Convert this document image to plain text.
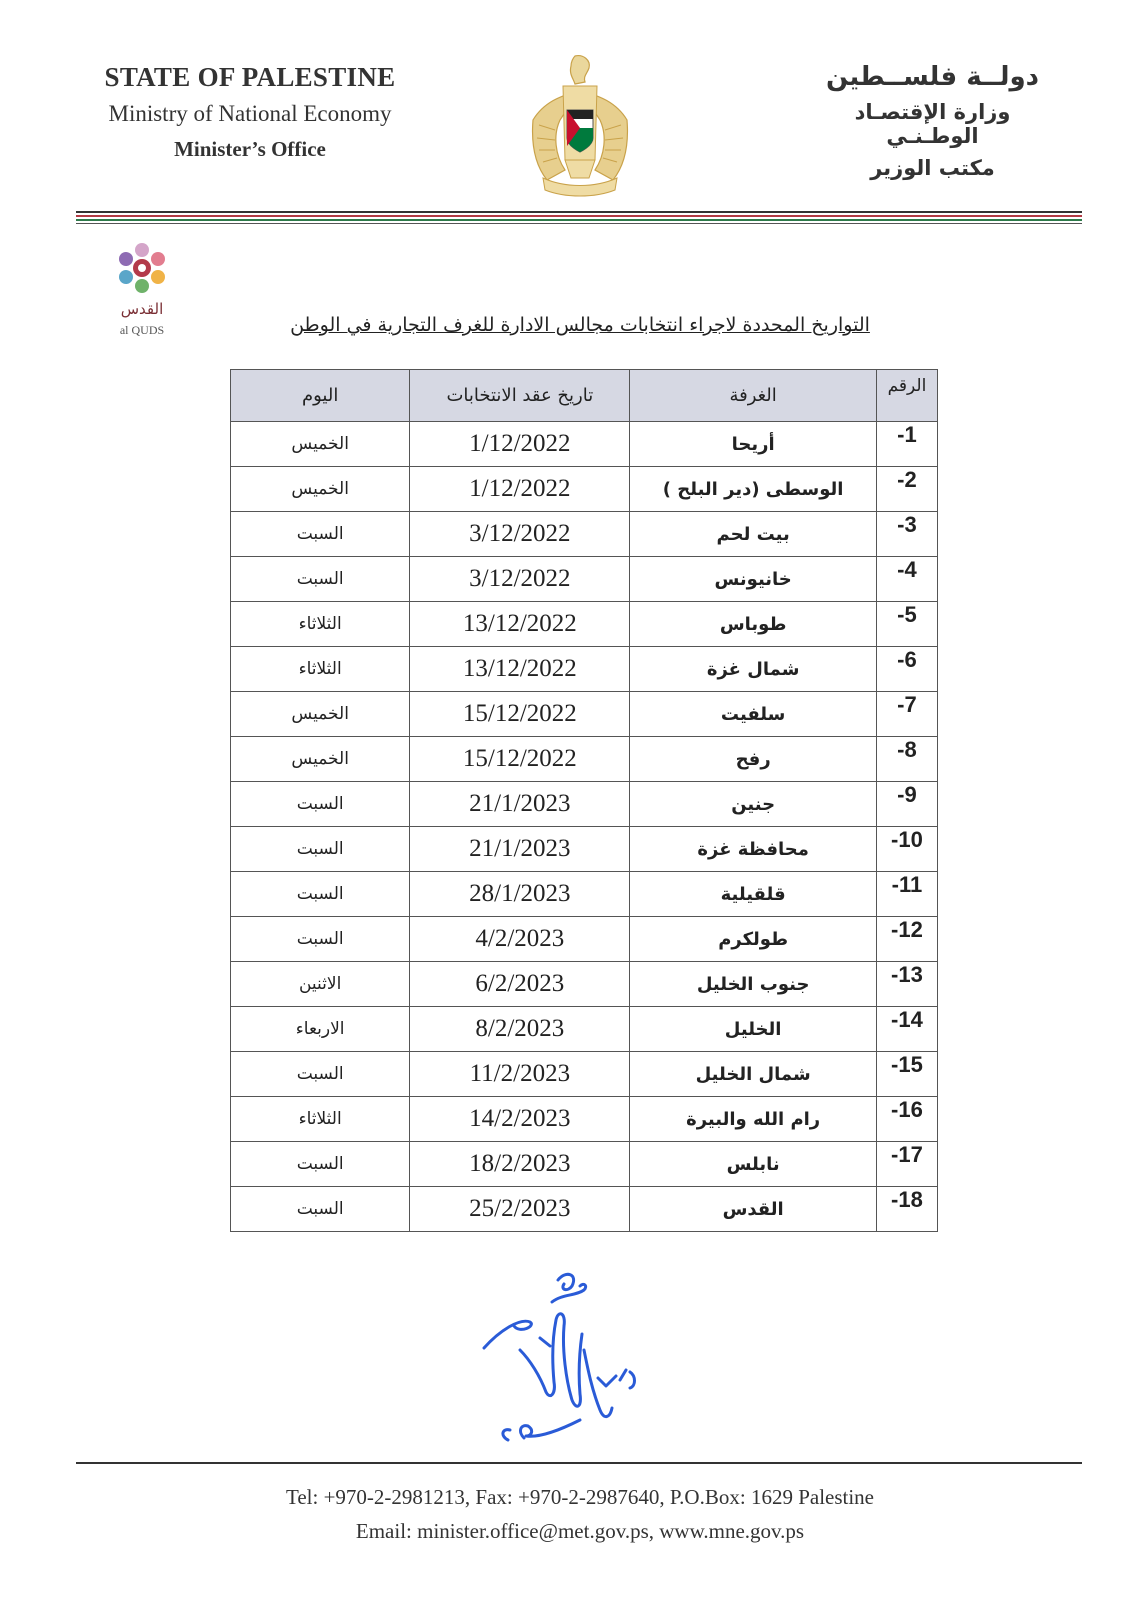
STATE OF PALESTINE
Ministry of National Economy
Minister’s Office
دولــة فلســطين
وزارة الإقتصـاد الوطـنـي
مكتب الوزير
القدس

al QUDS	التواريخ المحددة لاجراء انتخابات مجالس الادارة للغرف التجارية في الوطن
الرقم	الغرفة	تاريخ عقد الانتخابات	اليوم
1-	أريحا	1/12/2022	الخميس
2-	الوسطى (دير البلح )	1/12/2022	الخميس
3-	بيت لحم	3/12/2022	السبت
4-	خانيونس	3/12/2022	السبت
5-	طوباس	13/12/2022	الثلاثاء
6-	شمال غزة	13/12/2022	الثلاثاء
7-	سلفيت	15/12/2022	الخميس
8-	رفح	15/12/2022	الخميس
9-	جنين	21/1/2023	السبت
10-	محافظة غزة	21/1/2023	السبت
11-	قلقيلية	28/1/2023	السبت
12-	طولكرم	4/2/2023	السبت
13-	جنوب الخليل	6/2/2023	الاثنين
14-	الخليل	8/2/2023	الاربعاء
15-	شمال الخليل	11/2/2023	السبت
16-	رام الله والبيرة	14/2/2023	الثلاثاء
17-	نابلس	18/2/2023	السبت
18-	القدس	25/2/2023	السبت
Tel: +970-2-2981213, Fax: +970-2-2987640, P.O.Box: 1629 Palestine
Email: minister.office@met.gov.ps, www.mne.gov.ps
